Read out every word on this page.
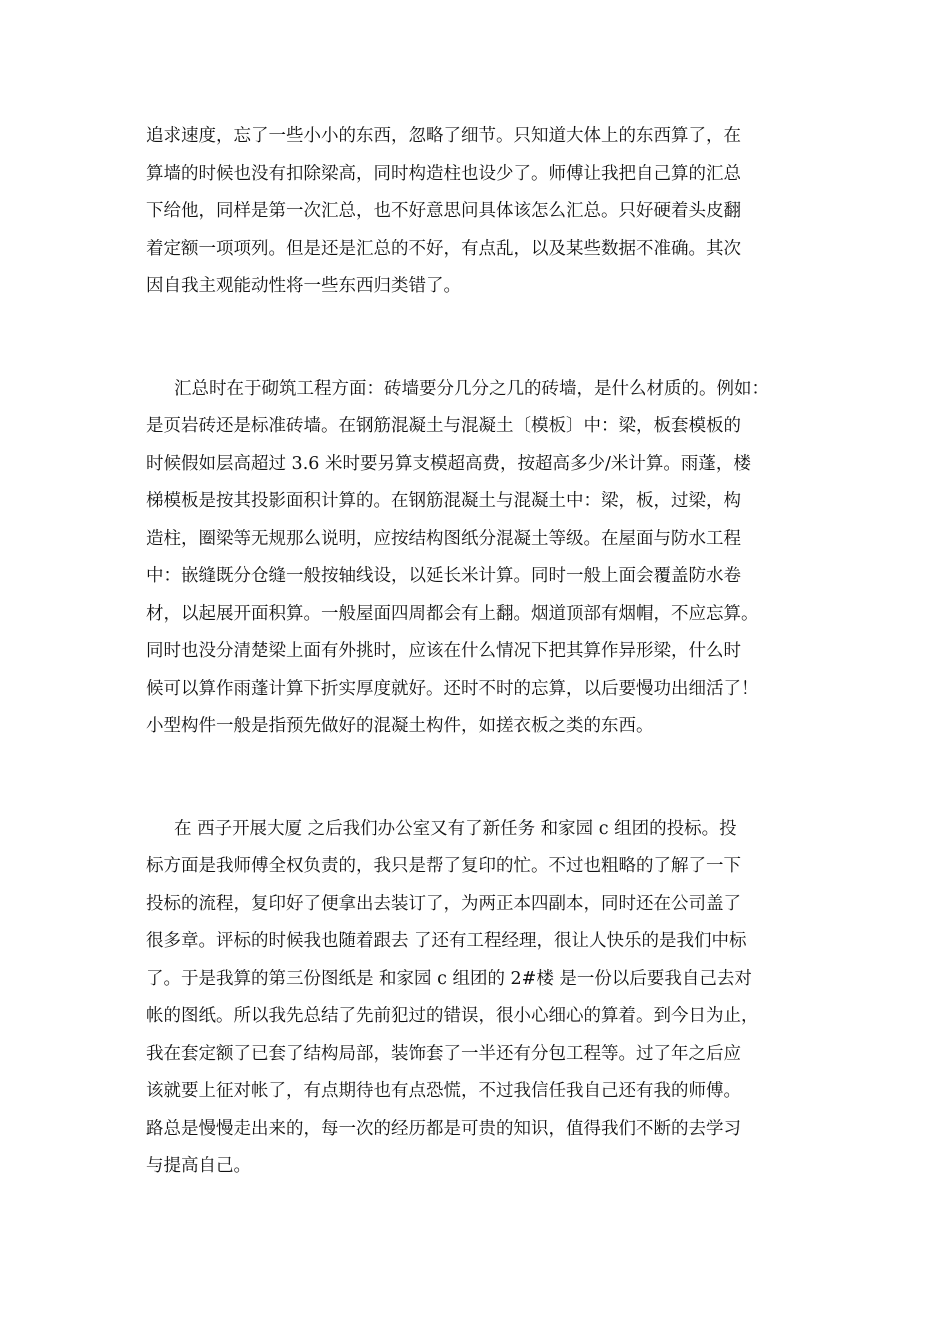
追求速度，忘了一些小小的东西，忽略了细节。只知道大体上的东西算了，在

算墙的时候也没有扣除梁高，同时构造柱也设少了。师傅让我把自己算的汇总

下给他，同样是第一次汇总，也不好意思问具体该怎么汇总。只好硬着头皮翻

着定额一项项列。但是还是汇总的不好，有点乱，以及某些数据不准确。其次

因自我主观能动性将一些东西归类错了。

汇总时在于砌筑工程方面：砖墙要分几分之几的砖墙，是什么材质的。例如：

是页岩砖还是标准砖墙。在钢筋混凝土与混凝土〔模板〕中：梁，板套模板的

时候假如层高超过 3.6 米时要另算支模超高费，按超高多少/米计算。雨蓬，楼

梯模板是按其投影面积计算的。在钢筋混凝土与混凝土中：梁，板，过梁，构

造柱，圈梁等无规那么说明，应按结构图纸分混凝土等级。在屋面与防水工程

中：嵌缝既分仓缝一般按轴线设，以延长米计算。同时一般上面会覆盖防水卷

材，以起展开面积算。一般屋面四周都会有上翻。烟道顶部有烟帽，不应忘算。

同时也没分清楚梁上面有外挑时，应该在什么情况下把其算作异形梁，什么时

候可以算作雨蓬计算下折实厚度就好。还时不时的忘算，以后要慢功出细活了！

小型构件一般是指预先做好的混凝土构件，如搓衣板之类的东西。

在 西子开展大厦 之后我们办公室又有了新任务 和家园 c 组团的投标。投

标方面是我师傅全权负责的，我只是帮了复印的忙。不过也粗略的了解了一下

投标的流程，复印好了便拿出去装订了，为两正本四副本，同时还在公司盖了

很多章。评标的时候我也随着跟去 了还有工程经理，很让人快乐的是我们中标

了。于是我算的第三份图纸是 和家园 c 组团的 2#楼 是一份以后要我自己去对

帐的图纸。所以我先总结了先前犯过的错误，很小心细心的算着。到今日为止，

我在套定额了已套了结构局部，装饰套了一半还有分包工程等。过了年之后应

该就要上征对帐了，有点期待也有点恐慌，不过我信任我自己还有我的师傅。

路总是慢慢走出来的，每一次的经历都是可贵的知识，值得我们不断的去学习

与提高自己。
